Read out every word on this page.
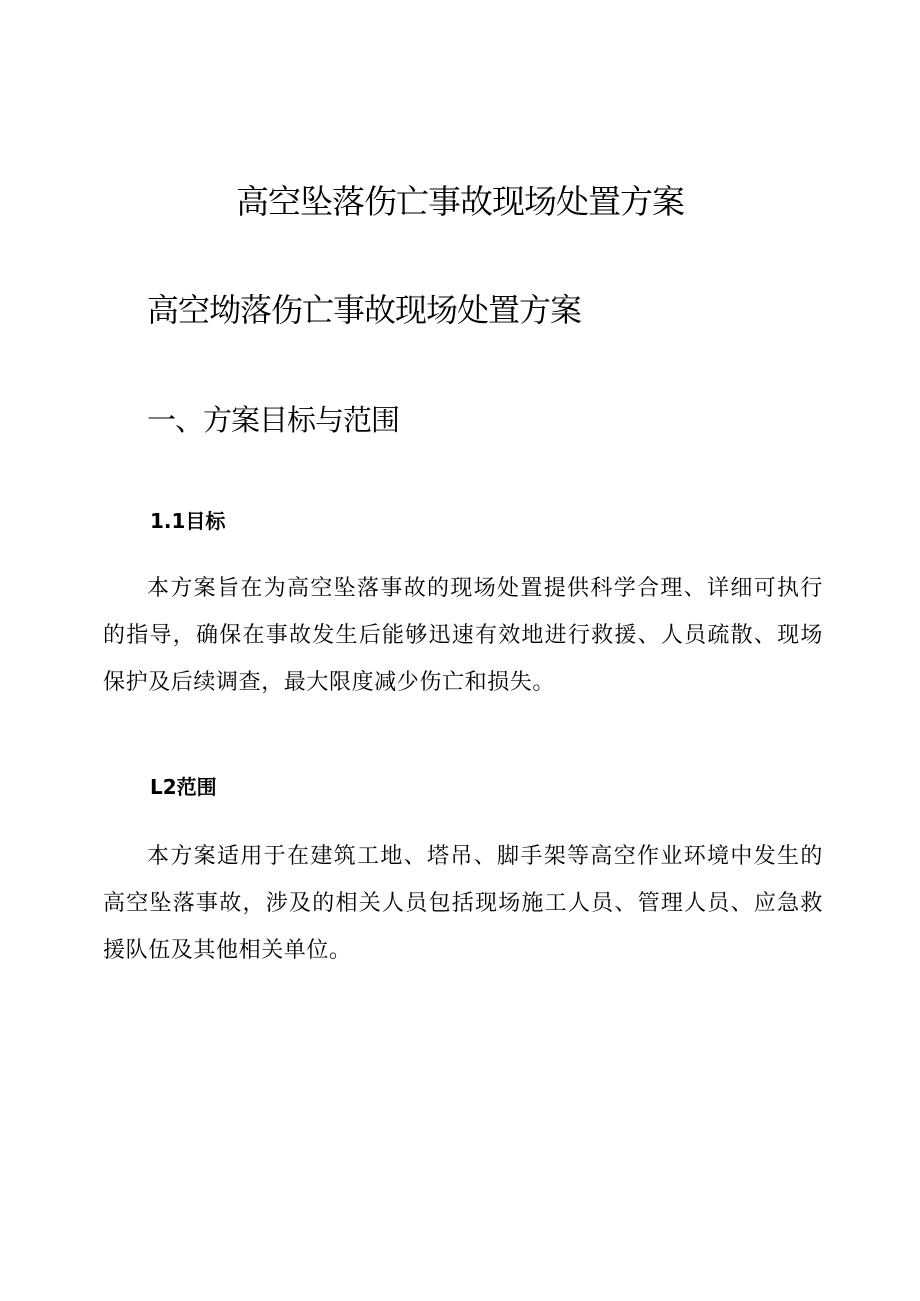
高空坠落伤亡事故现场处置方案
高空坳落伤亡事故现场处置方案
一、方案目标与范围
1.1目标

本方案旨在为高空坠落事故的现场处置提供科学合理、详细可执行的指导，确保在事故发生后能够迅速有效地进行救援、人员疏散、现场保护及后续调查，最大限度减少伤亡和损失。

L2范围

本方案适用于在建筑工地、塔吊、脚手架等高空作业环境中发生的高空坠落事故，涉及的相关人员包括现场施工人员、管理人员、应急救援队伍及其他相关单位。
